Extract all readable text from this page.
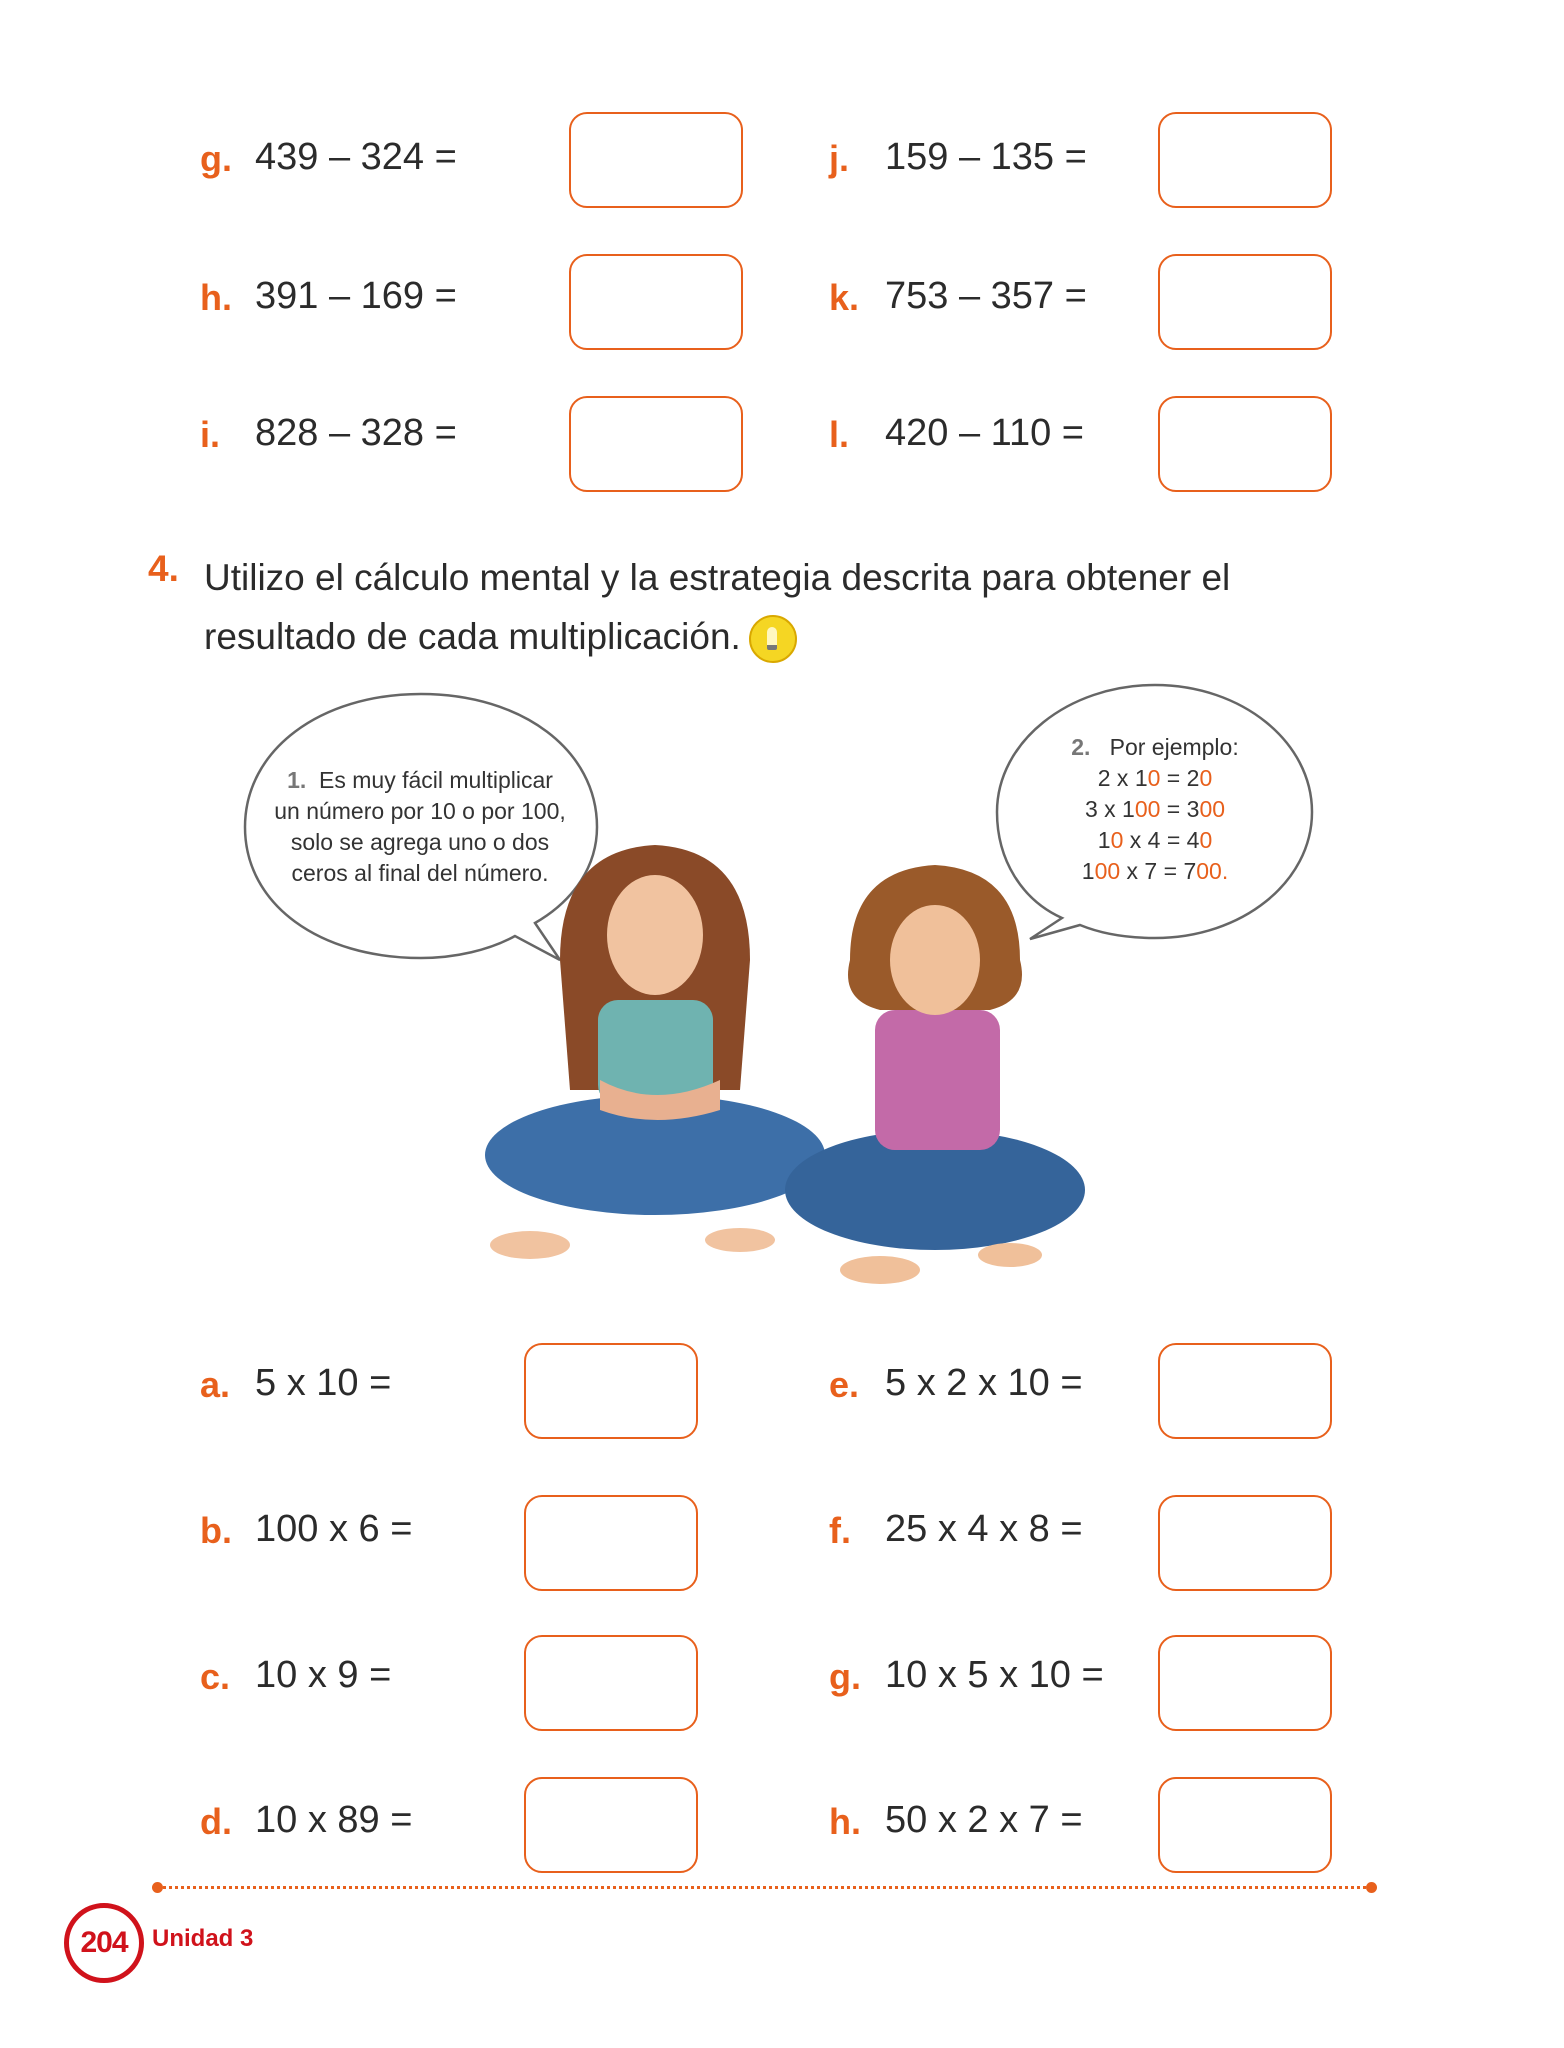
g. 439 – 324 =
h. 391 – 169 =
i. 828 – 328 =
j. 159 – 135 =
k. 753 – 357 =
l. 420 – 110 =
4. Utilizo el cálculo mental y la estrategia descrita para obtener el resultado de cada multiplicación.
1. Es muy fácil multiplicar
un número por 10 o por 100,
solo se agrega uno o dos
ceros al final del número.
2. Por ejemplo:
2 x 10 = 20
3 x 100 = 300
10 x 4 = 40
100 x 7 = 700.
a. 5 x 10 =
b. 100 x 6 =
c. 10 x 9 =
d. 10 x 89 =
e. 5 x 2 x 10 =
f. 25 x 4 x 8 =
g. 10 x 5 x 10 =
h. 50 x 2 x 7 =
204 Unidad 3
